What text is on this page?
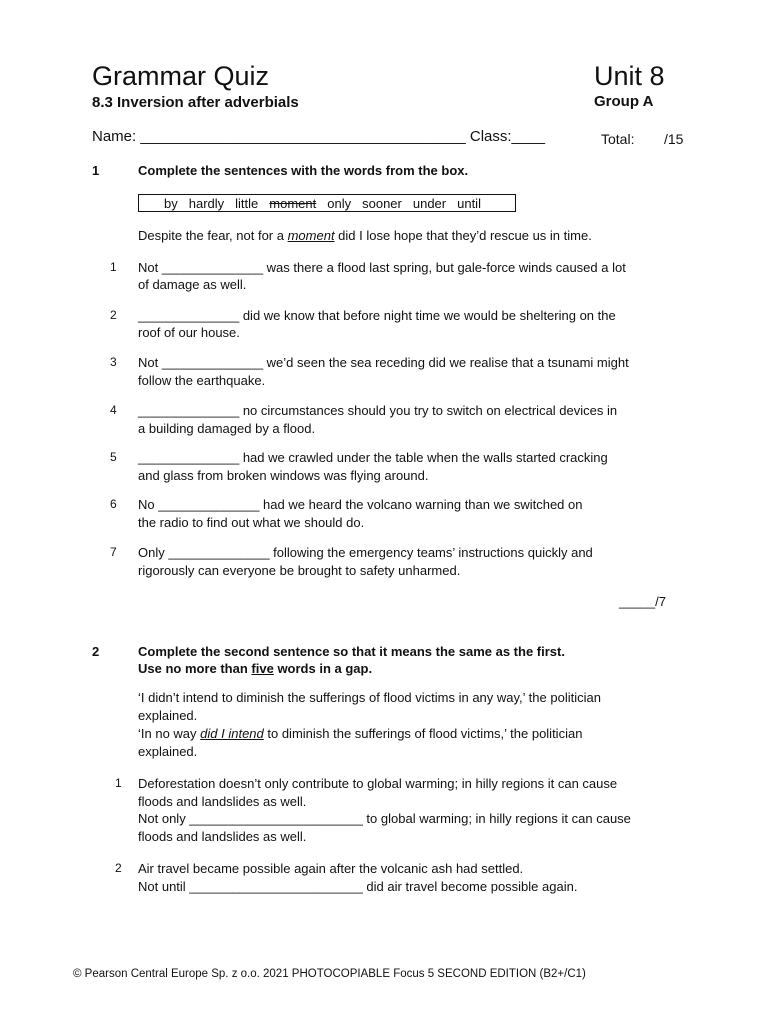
Grammar Quiz
8.3 Inversion after adverbials
Unit 8
Group A
Name: _______________________________________ Class:____	Total: /15
1	Complete the sentences with the words from the box.
by hardly little moment only sooner under until
Despite the fear, not for a moment did I lose hope that they’d rescue us in time.
1 Not ______________ was there a flood last spring, but gale-force winds caused a lot
of damage as well.
2 ______________ did we know that before night time we would be sheltering on the
roof of our house.
3 Not ______________ we’d seen the sea receding did we realise that a tsunami might
follow the earthquake.
4 ______________ no circumstances should you try to switch on electrical devices in
a building damaged by a flood.
5 ______________ had we crawled under the table when the walls started cracking
and glass from broken windows was flying around.
6 No ______________ had we heard the volcano warning than we switched on
the radio to find out what we should do.
7 Only ______________ following the emergency teams’ instructions quickly and
rigorously can everyone be brought to safety unharmed.
_____/7
2	Complete the second sentence so that it means the same as the first.
Use no more than five words in a gap.
‘I didn’t intend to diminish the sufferings of flood victims in any way,’ the politician
explained.
‘In no way did I intend to diminish the sufferings of flood victims,’ the politician
explained.
1 Deforestation doesn’t only contribute to global warming; in hilly regions it can cause
floods and landslides as well.
Not only ________________________ to global warming; in hilly regions it can cause
floods and landslides as well.
2 Air travel became possible again after the volcanic ash had settled.
Not until ________________________ did air travel become possible again.
© Pearson Central Europe Sp. z o.o. 2021 PHOTOCOPIABLE Focus 5 SECOND EDITION (B2+/C1)
